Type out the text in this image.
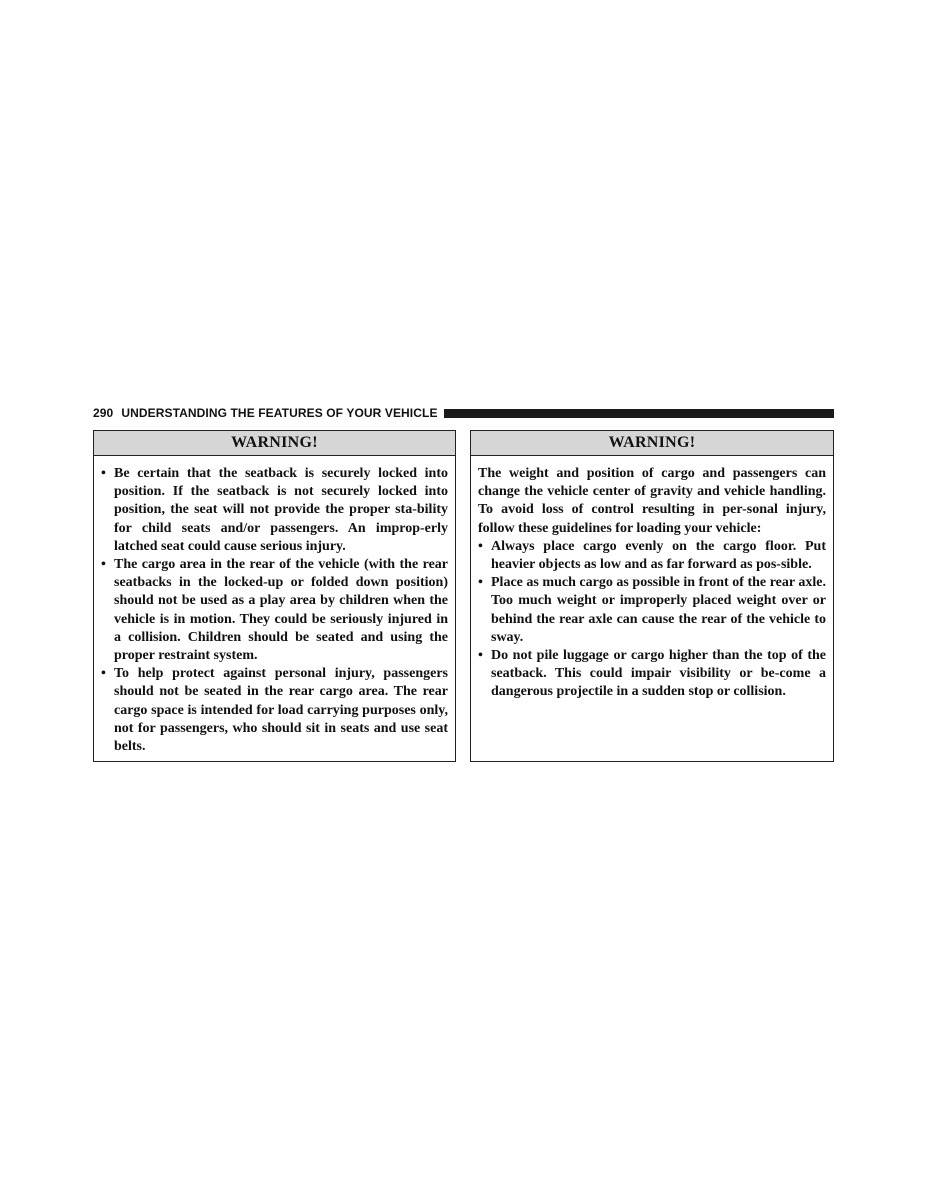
290 UNDERSTANDING THE FEATURES OF YOUR VEHICLE
WARNING!
• Be certain that the seatback is securely locked into position. If the seatback is not securely locked into position, the seat will not provide the proper sta-bility for child seats and/or passengers. An improp-erly latched seat could cause serious injury.
• The cargo area in the rear of the vehicle (with the rear seatbacks in the locked-up or folded down position) should not be used as a play area by children when the vehicle is in motion. They could be seriously injured in a collision. Children should be seated and using the proper restraint system.
• To help protect against personal injury, passengers should not be seated in the rear cargo area. The rear cargo space is intended for load carrying purposes only, not for passengers, who should sit in seats and use seat belts.
WARNING!

The weight and position of cargo and passengers can change the vehicle center of gravity and vehicle handling. To avoid loss of control resulting in per-sonal injury, follow these guidelines for loading your vehicle:

• Always place cargo evenly on the cargo floor. Put heavier objects as low and as far forward as pos-sible.
• Place as much cargo as possible in front of the rear axle. Too much weight or improperly placed weight over or behind the rear axle can cause the rear of the vehicle to sway.
• Do not pile luggage or cargo higher than the top of the seatback. This could impair visibility or be-come a dangerous projectile in a sudden stop or collision.
